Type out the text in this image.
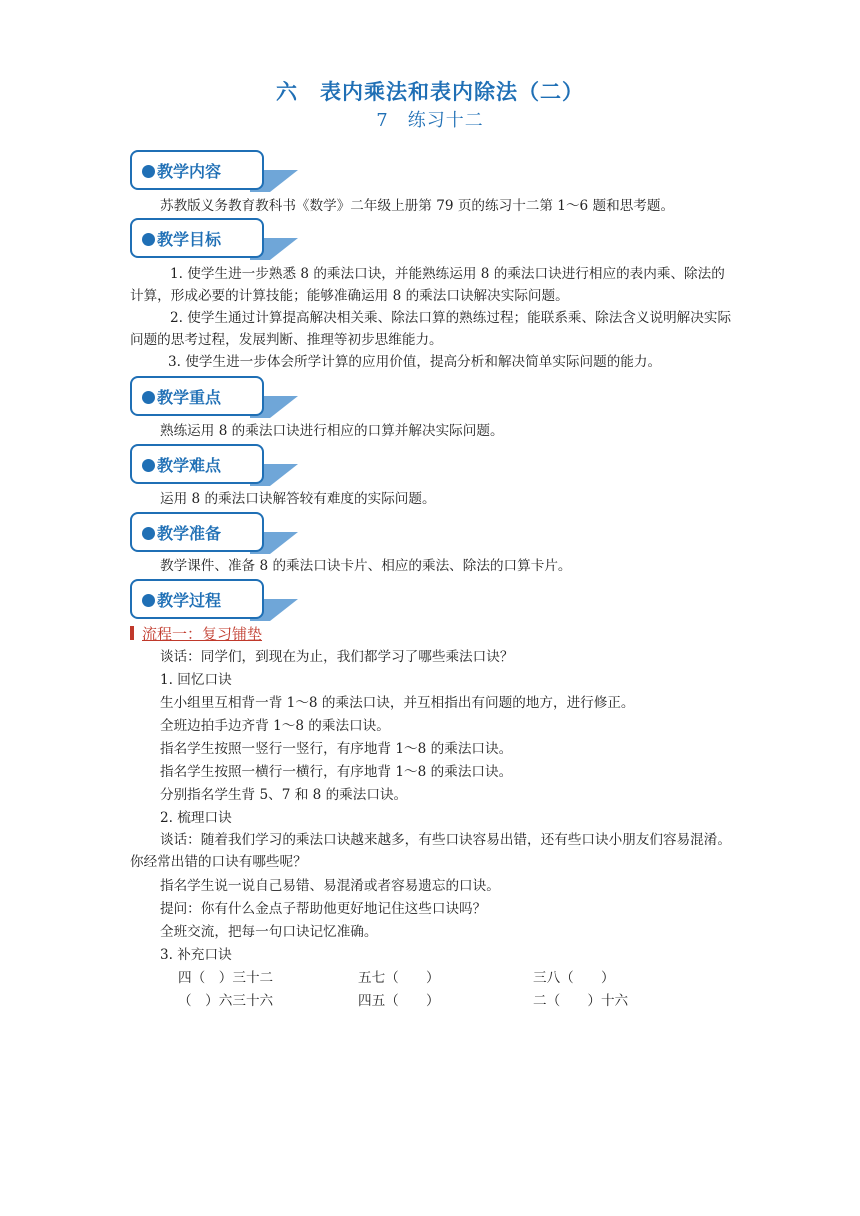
六　表内乘法和表内除法（二）
7　练习十二
教学内容
苏教版义务教育教科书《数学》二年级上册第 79 页的练习十二第 1～6 题和思考题。
教学目标
1. 使学生进一步熟悉 8 的乘法口诀，并能熟练运用 8 的乘法口诀进行相应的表内乘、除法的计算，形成必要的计算技能；能够准确运用 8 的乘法口诀解决实际问题。
2. 使学生通过计算提高解决相关乘、除法口算的熟练过程；能联系乘、除法含义说明解决实际问题的思考过程，发展判断、推理等初步思维能力。
3. 使学生进一步体会所学计算的应用价值，提高分析和解决简单实际问题的能力。
教学重点
熟练运用 8 的乘法口诀进行相应的口算并解决实际问题。
教学难点
运用 8 的乘法口诀解答较有难度的实际问题。
教学准备
教学课件、准备 8 的乘法口诀卡片、相应的乘法、除法的口算卡片。
教学过程
流程一：复习铺垫
谈话：同学们，到现在为止，我们都学习了哪些乘法口诀？
1. 回忆口诀
生小组里互相背一背 1～8 的乘法口诀，并互相指出有问题的地方，进行修正。
全班边拍手边齐背 1～8 的乘法口诀。
指名学生按照一竖行一竖行，有序地背 1～8 的乘法口诀。
指名学生按照一横行一横行，有序地背 1～8 的乘法口诀。
分别指名学生背 5、7 和 8 的乘法口诀。
2. 梳理口诀
谈话：随着我们学习的乘法口诀越来越多，有些口诀容易出错，还有些口诀小朋友们容易混淆。你经常出错的口诀有哪些呢？
指名学生说一说自己易错、易混淆或者容易遗忘的口诀。
提问：你有什么金点子帮助他更好地记住这些口诀吗？
全班交流，把每一句口诀记忆准确。
3. 补充口诀
四（　）三十二	五七（　　）	三八（　　）
（　）六三十六	四五（　　）	二（　　）十六
